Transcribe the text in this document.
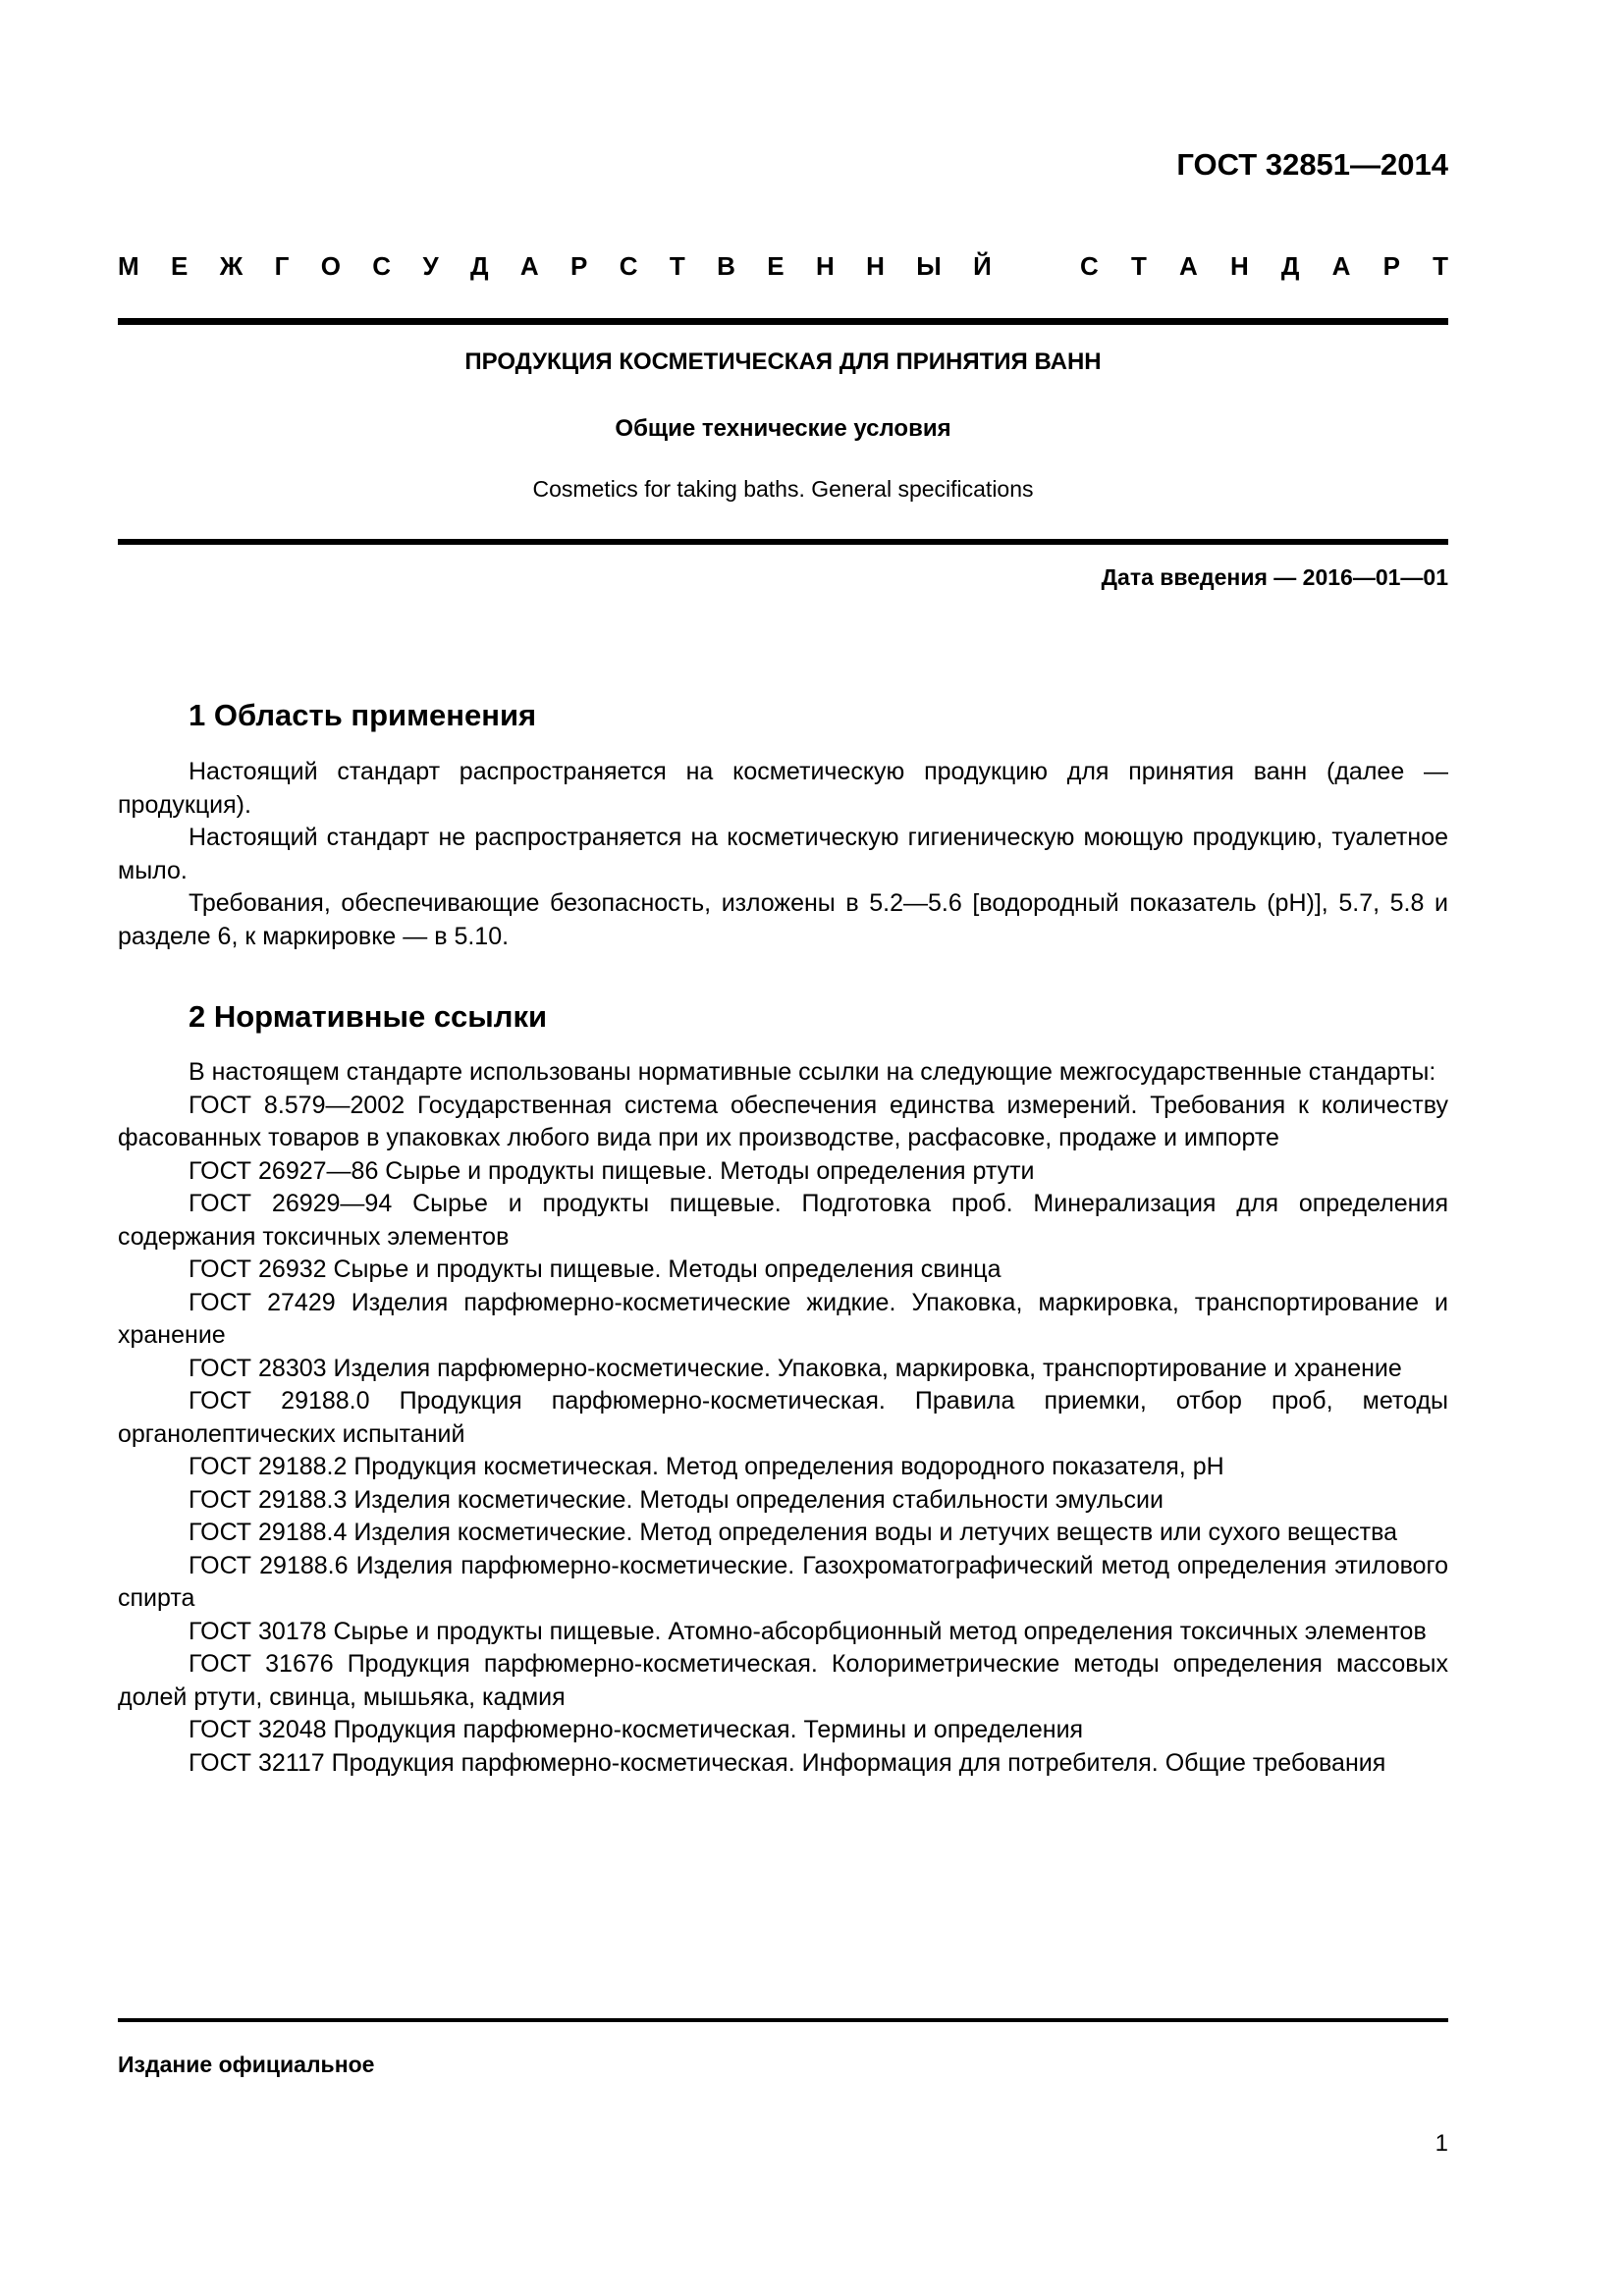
ГОСТ 32851—2014
М Е Ж Г О С У Д А Р С Т В Е Н Н Ы Й	С Т А Н Д А Р Т
ПРОДУКЦИЯ КОСМЕТИЧЕСКАЯ ДЛЯ ПРИНЯТИЯ ВАНН
Общие технические условия
Cosmetics for taking baths. General specifications
Дата введения — 2016—01—01
1 Область применения

Настоящий стандарт распространяется на косметическую продукцию для принятия ванн (далее — продукция).

Настоящий стандарт не распространяется на косметическую гигиеническую моющую продукцию, туалетное мыло.

Требования, обеспечивающие безопасность, изложены в 5.2—5.6 [водородный показатель (рН)], 5.7, 5.8 и разделе 6, к маркировке — в 5.10.

2 Нормативные ссылки

В настоящем стандарте использованы нормативные ссылки на следующие межгосударственные стандарты:

ГОСТ 8.579—2002 Государственная система обеспечения единства измерений. Требования к количеству фасованных товаров в упаковках любого вида при их производстве, расфасовке, продаже и импорте

ГОСТ 26927—86 Сырье и продукты пищевые. Методы определения ртути

ГОСТ 26929—94 Сырье и продукты пищевые. Подготовка проб. Минерализация для определения содержания токсичных элементов

ГОСТ 26932 Сырье и продукты пищевые. Методы определения свинца

ГОСТ 27429 Изделия парфюмерно-косметические жидкие. Упаковка, маркировка, транспортирование и хранение

ГОСТ 28303 Изделия парфюмерно-косметические. Упаковка, маркировка, транспортирование и хранение

ГОСТ 29188.0 Продукция парфюмерно-косметическая. Правила приемки, отбор проб, методы органолептических испытаний

ГОСТ 29188.2 Продукция косметическая. Метод определения водородного показателя, рН

ГОСТ 29188.3 Изделия косметические. Методы определения стабильности эмульсии

ГОСТ 29188.4 Изделия косметические. Метод определения воды и летучих веществ или сухого вещества

ГОСТ 29188.6 Изделия парфюмерно-косметические. Газохроматографический метод определения этилового спирта

ГОСТ 30178 Сырье и продукты пищевые. Атомно-абсорбционный метод определения токсичных элементов

ГОСТ 31676 Продукция парфюмерно-косметическая. Колориметрические методы определения массовых долей ртути, свинца, мышьяка, кадмия

ГОСТ 32048 Продукция парфюмерно-косметическая. Термины и определения

ГОСТ 32117 Продукция парфюмерно-косметическая. Информация для потребителя. Общие требования

Издание официальное
1
